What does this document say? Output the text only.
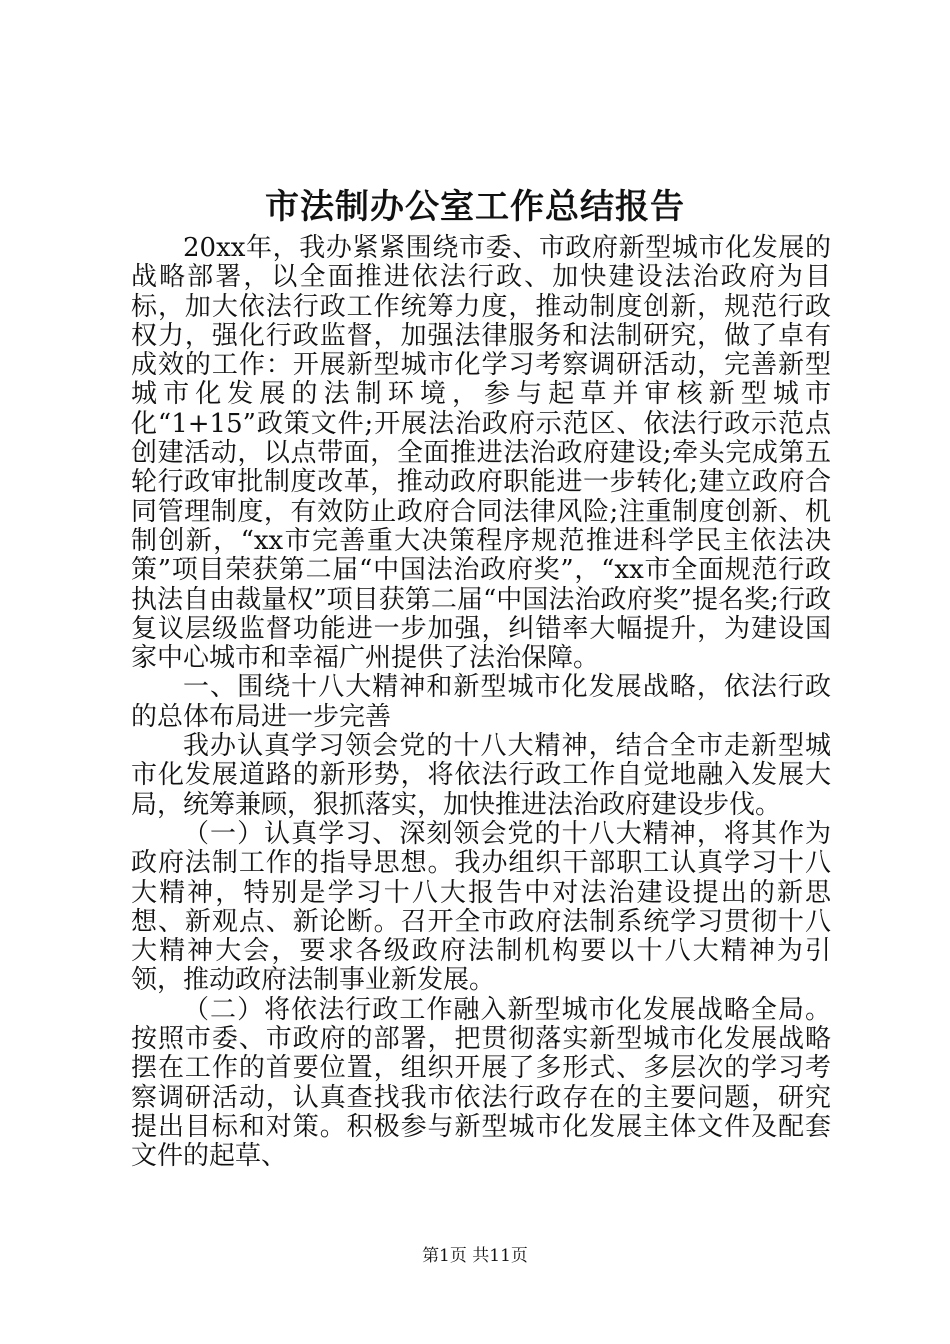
市法制办公室工作总结报告

20xx年，我办紧紧围绕市委、市政府新型城市化发展的战略部署，以全面推进依法行政、加快建设法治政府为目标，加大依法行政工作统筹力度，推动制度创新，规范行政权力，强化行政监督，加强法律服务和法制研究，做了卓有成效的工作：开展新型城市化学习考察调研活动，完善新型城市化发展的法制环境，参与起草并审核新型城市化“1+15”政策文件;开展法治政府示范区、依法行政示范点创建活动，以点带面，全面推进法治政府建设;牵头完成第五轮行政审批制度改革，推动政府职能进一步转化;建立政府合同管理制度，有效防止政府合同法律风险;注重制度创新、机制创新，“xx市完善重大决策程序规范推进科学民主依法决策”项目荣获第二届“中国法治政府奖”，“xx市全面规范行政执法自由裁量权”项目获第二届“中国法治政府奖”提名奖;行政复议层级监督功能进一步加强，纠错率大幅提升，为建设国家中心城市和幸福广州提供了法治保障。

一、围绕十八大精神和新型城市化发展战略，依法行政的总体布局进一步完善

我办认真学习领会党的十八大精神，结合全市走新型城市化发展道路的新形势，将依法行政工作自觉地融入发展大局，统筹兼顾，狠抓落实，加快推进法治政府建设步伐。

（一）认真学习、深刻领会党的十八大精神，将其作为政府法制工作的指导思想。我办组织干部职工认真学习十八大精神，特别是学习十八大报告中对法治建设提出的新思想、新观点、新论断。召开全市政府法制系统学习贯彻十八大精神大会，要求各级政府法制机构要以十八大精神为引领，推动政府法制事业新发展。

（二）将依法行政工作融入新型城市化发展战略全局。按照市委、市政府的部署，把贯彻落实新型城市化发展战略摆在工作的首要位置，组织开展了多形式、多层次的学习考察调研活动，认真查找我市依法行政存在的主要问题，研究提出目标和对策。积极参与新型城市化发展主体文件及配套文件的起草、

第1页 共11页
